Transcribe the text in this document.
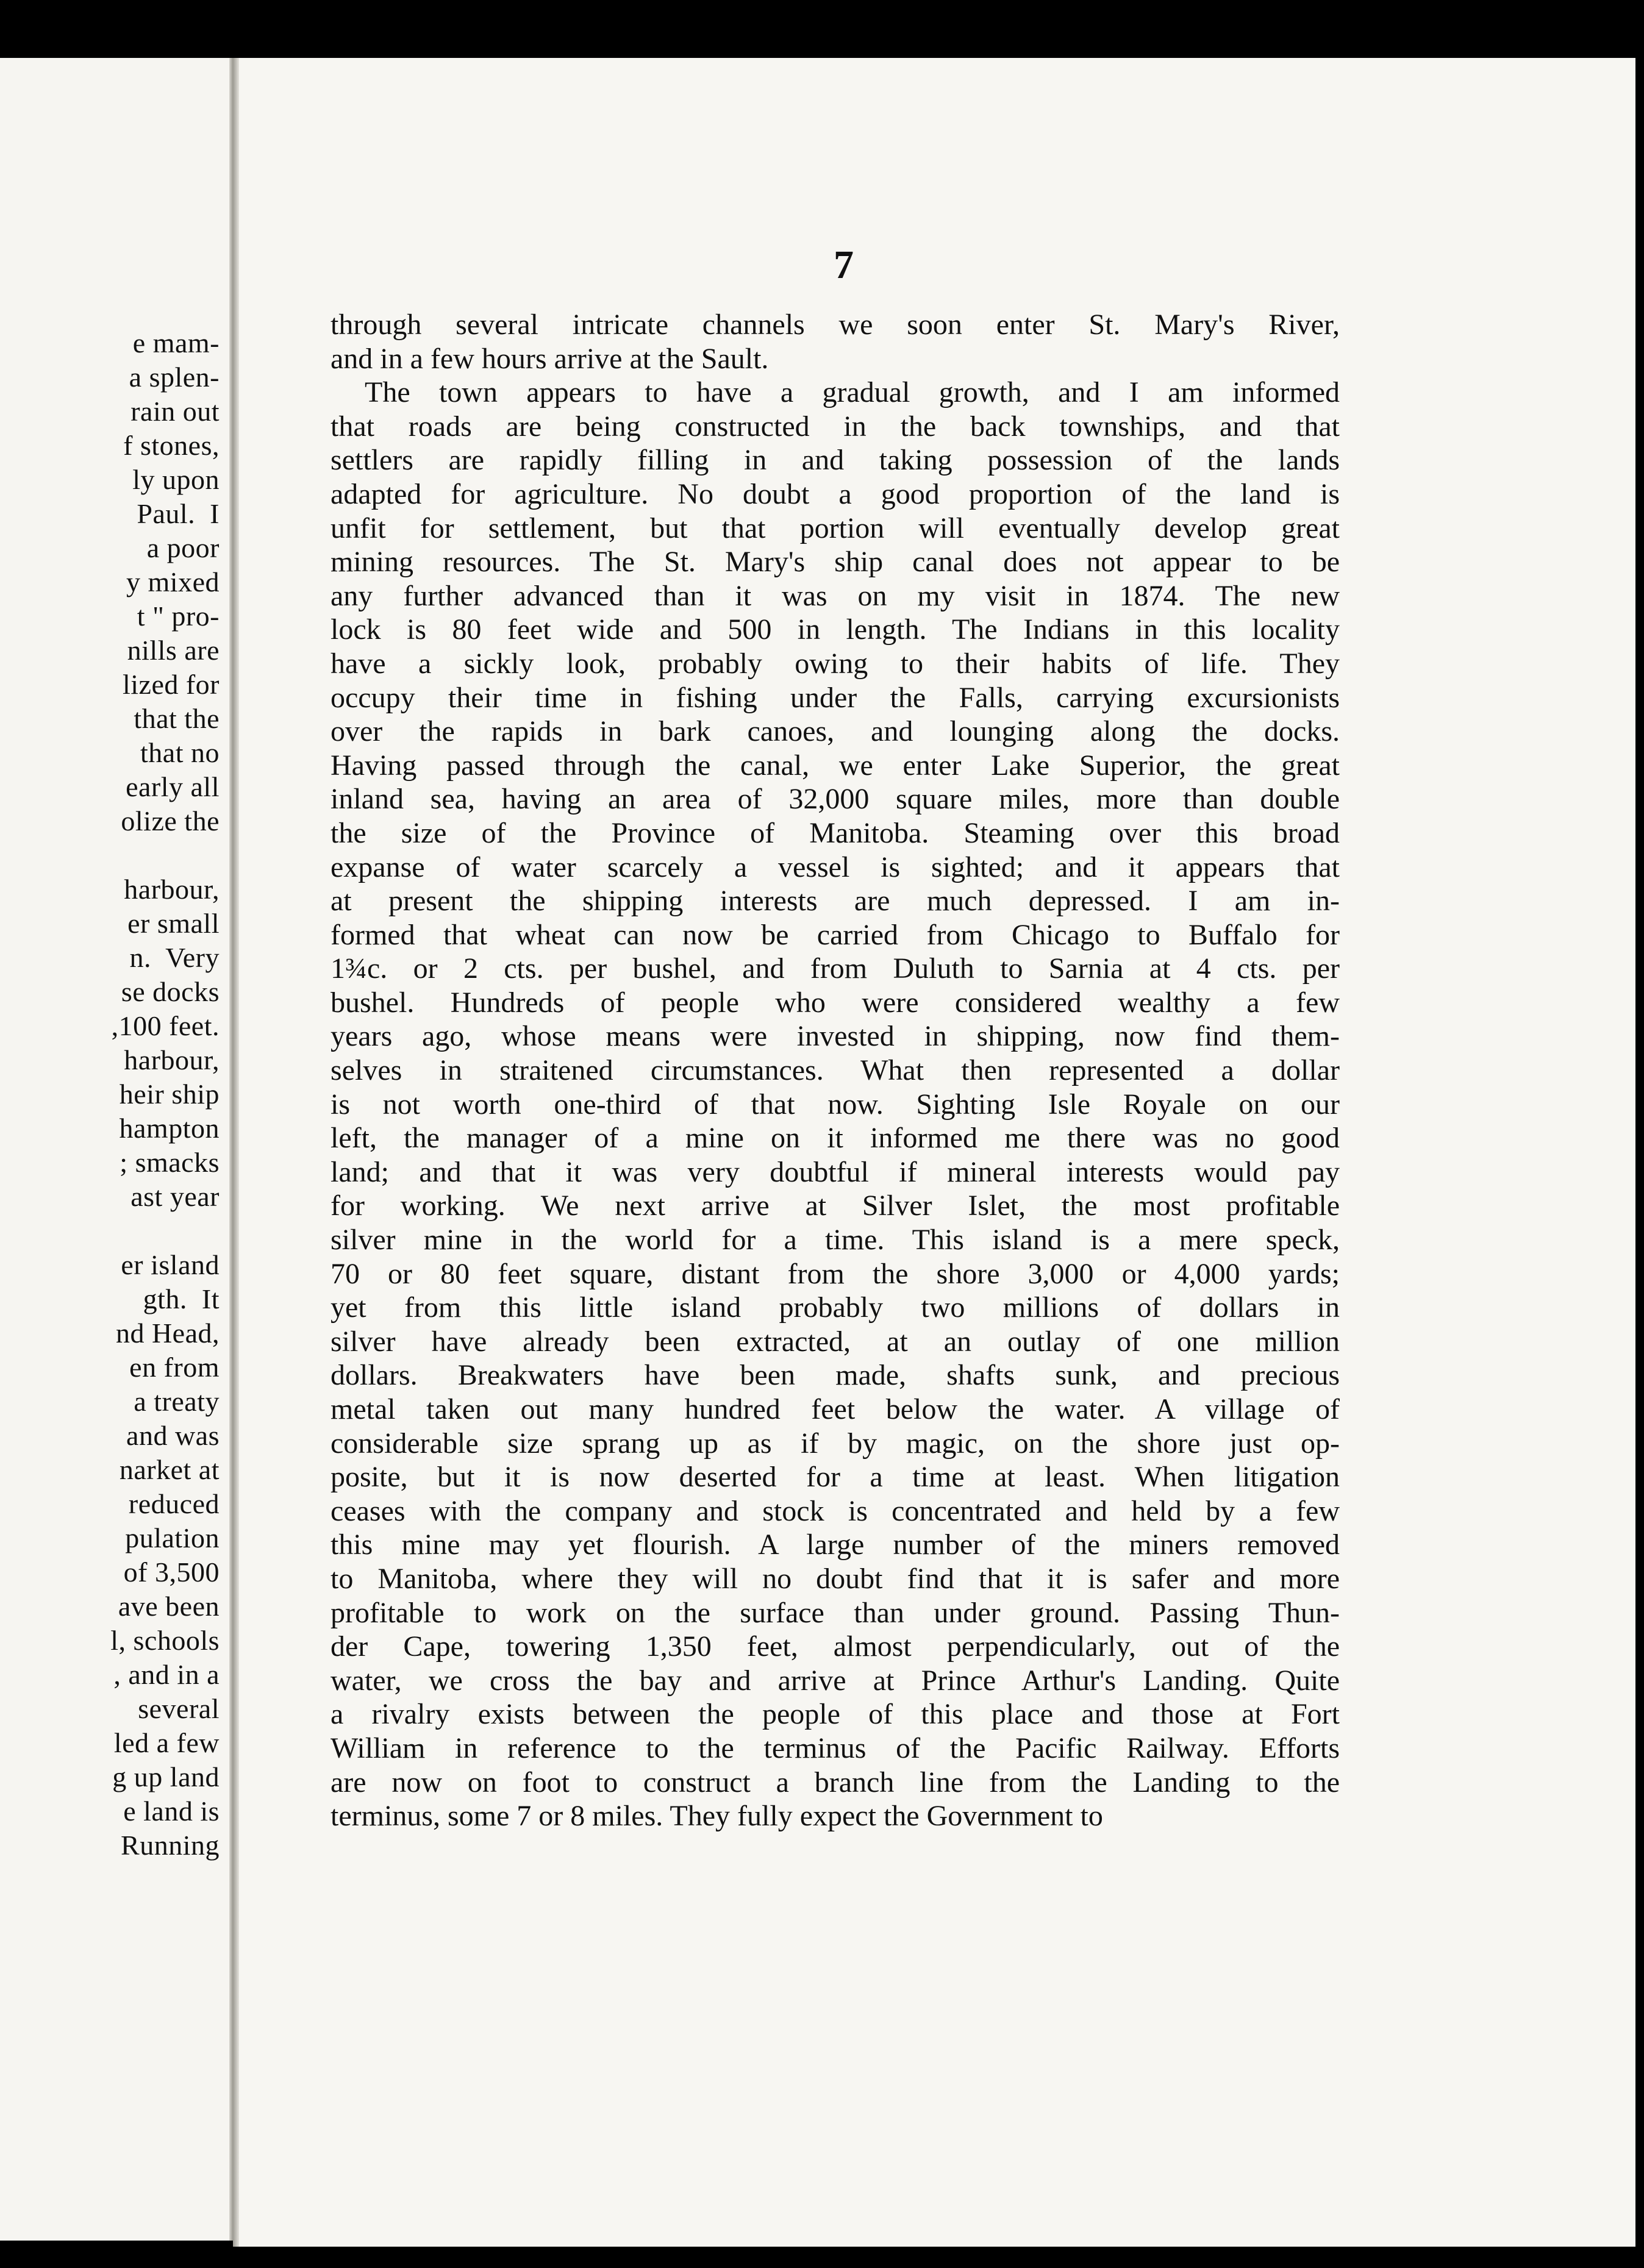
e mam-
a splen-
rain out
f stones,
ly upon
Paul.  I
a poor
y mixed
t " pro-
nills are
lized for
that the
that no
early all
olize the

harbour,
er small
n.  Very
se docks
,100 feet.
harbour,
heir ship
hampton
; smacks
ast year

er island
gth.  It
nd Head,
en from
a treaty
and was
narket at
reduced
pulation
of 3,500
ave been
l, schools
, and in a
several
led a few
g up land
e land is
Running
7
through several intricate channels we soon enter St. Mary's River,
and in a few hours arrive at the Sault.
The town appears to have a gradual growth, and I am informed
that roads are being constructed in the back townships, and that
settlers are rapidly filling in and taking possession of the lands
adapted for agriculture. No doubt a good proportion of the land is
unfit for settlement, but that portion will eventually develop great
mining resources. The St. Mary's ship canal does not appear to be
any further advanced than it was on my visit in 1874. The new
lock is 80 feet wide and 500 in length. The Indians in this locality
have a sickly look, probably owing to their habits of life. They
occupy their time in fishing under the Falls, carrying excursionists
over the rapids in bark canoes, and lounging along the docks.
Having passed through the canal, we enter Lake Superior, the great
inland sea, having an area of 32,000 square miles, more than double
the size of the Province of Manitoba. Steaming over this broad
expanse of water scarcely a vessel is sighted; and it appears that
at present the shipping interests are much depressed. I am in-
formed that wheat can now be carried from Chicago to Buffalo for
1¾c. or 2 cts. per bushel, and from Duluth to Sarnia at 4 cts. per
bushel. Hundreds of people who were considered wealthy a few
years ago, whose means were invested in shipping, now find them-
selves in straitened circumstances. What then represented a dollar
is not worth one-third of that now. Sighting Isle Royale on our
left, the manager of a mine on it informed me there was no good
land; and that it was very doubtful if mineral interests would pay
for working. We next arrive at Silver Islet, the most profitable
silver mine in the world for a time. This island is a mere speck,
70 or 80 feet square, distant from the shore 3,000 or 4,000 yards;
yet from this little island probably two millions of dollars in
silver have already been extracted, at an outlay of one million
dollars. Breakwaters have been made, shafts sunk, and precious
metal taken out many hundred feet below the water. A village of
considerable size sprang up as if by magic, on the shore just op-
posite, but it is now deserted for a time at least. When litigation
ceases with the company and stock is concentrated and held by a few
this mine may yet flourish. A large number of the miners removed
to Manitoba, where they will no doubt find that it is safer and more
profitable to work on the surface than under ground. Passing Thun-
der Cape, towering 1,350 feet, almost perpendicularly, out of the
water, we cross the bay and arrive at Prince Arthur's Landing. Quite
a rivalry exists between the people of this place and those at Fort
William in reference to the terminus of the Pacific Railway. Efforts
are now on foot to construct a branch line from the Landing to the
terminus, some 7 or 8 miles. They fully expect the Government to
